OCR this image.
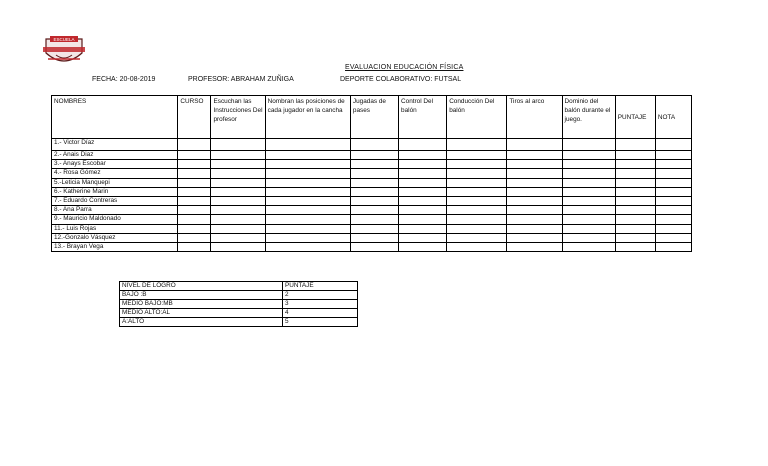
ESCUELA
EVALUACION EDUCACIÓN FÍSICA
FECHA: 20-08-2019	PROFESOR: ABRAHAM ZUÑIGA	DEPORTE COLABORATIVO: FUTSAL
NOMBRES	CURSO	Escuchan las Instrucciones Del profesor	Nombran las posiciones de cada jugador en la cancha	Jugadas de pases	Control Del balón	Conducción Del balón	Tiros al arco	Dominio del balón durante el juego.	PUNTAJE	NOTA
1.- Victor Díaz										
2.- Anais Diaz										
3.- Anays Escobar										
4.- Rosa Gómez										
5.-Leticia Manquepi										
6.- Katherine Marin										
7.- Eduardo Contreras										
8.- Ana Parra										
9.- Mauricio Maldonado										
11.- Luis Rojas										
12.-Gonzalo Vásquez										
13.- Brayan Vega										
NIVEL DE LOGRO	PUNTAJE
BAJO :B	2
MEDIO BAJO:MB	3
MEDIO ALTO:AL	4
A:ALTO	5
